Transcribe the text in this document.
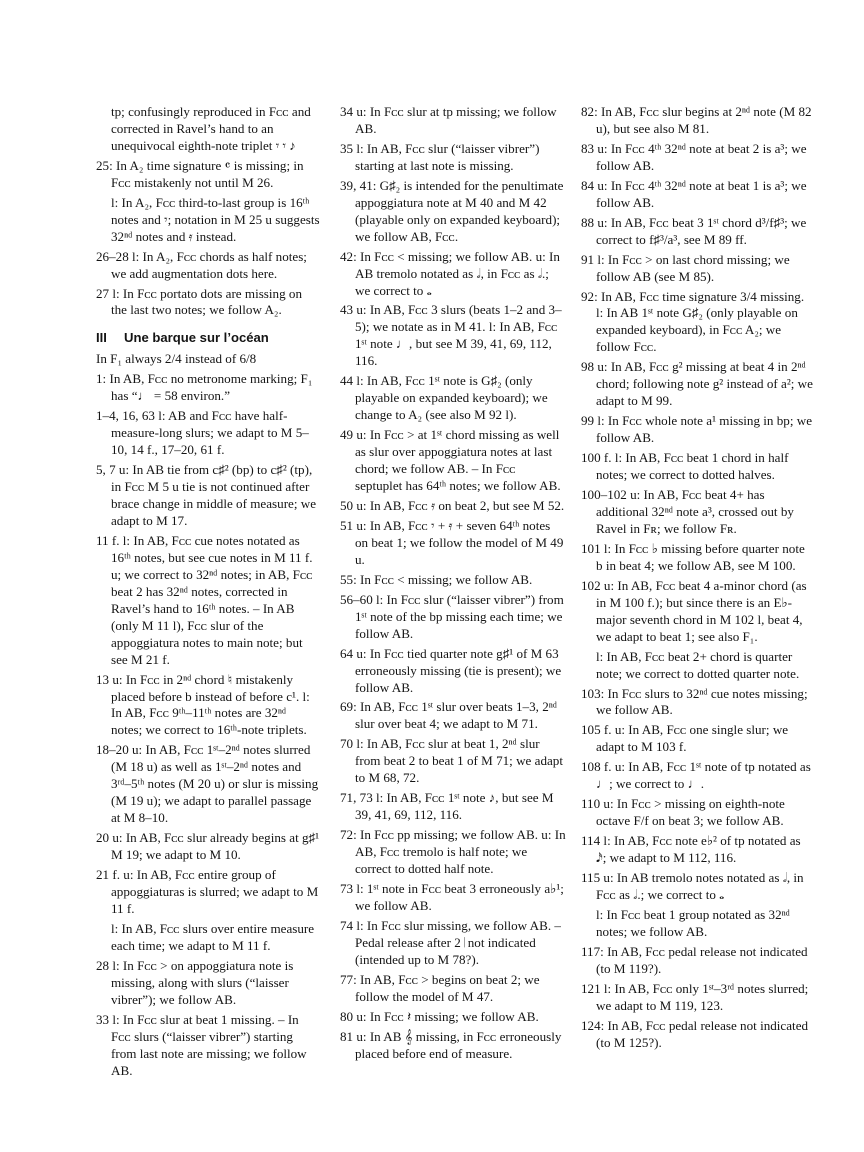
tp; confusingly reproduced in Fᴄᴄ and corrected in Ravel’s hand to an unequivocal eighth-note triplet 𝄾 𝄾 ♪
25: In A₂ time signature 𝄴 is missing; in Fᴄᴄ mistakenly not until M 26.
l: In A₂, Fᴄᴄ third-to-last group is 16ᵗʰ notes and 𝄾; notation in M 25 u suggests 32ⁿᵈ notes and 𝄿 instead.
26–28 l: In A₂, Fᴄᴄ chords as half notes; we add augmentation dots here.
27 l: In Fᴄᴄ portato dots are missing on the last two notes; we follow A₂.
III Une barque sur l’océan
In F₁ always 2/4 instead of 6/8
1: In AB, Fᴄᴄ no metronome marking; F₁ has “♩ = 58 environ.”
1–4, 16, 63 l: AB and Fᴄᴄ have half-measure-long slurs; we adapt to M 5–10, 14 f., 17–20, 61 f.
5, 7 u: In AB tie from c♯² (bp) to c♯² (tp), in Fᴄᴄ M 5 u tie is not continued after brace change in middle of measure; we adapt to M 17.
11 f. l: In AB, Fᴄᴄ cue notes notated as 16ᵗʰ notes, but see cue notes in M 11 f. u; we correct to 32ⁿᵈ notes; in AB, Fᴄᴄ beat 2 has 32ⁿᵈ notes, corrected in Ravel’s hand to 16ᵗʰ notes. – In AB (only M 11 l), Fᴄᴄ slur of the appoggiatura notes to main note; but see M 21 f.
13 u: In Fᴄᴄ in 2ⁿᵈ chord ♮ mistakenly placed before b instead of before c¹. l: In AB, Fᴄᴄ 9ᵗʰ–11ᵗʰ notes are 32ⁿᵈ notes; we correct to 16ᵗʰ-note triplets.
18–20 u: In AB, Fᴄᴄ 1ˢᵗ–2ⁿᵈ notes slurred (M 18 u) as well as 1ˢᵗ–2ⁿᵈ notes and 3ʳᵈ–5ᵗʰ notes (M 20 u) or slur is missing (M 19 u); we adapt to parallel passage at M 8–10.
20 u: In AB, Fᴄᴄ slur already begins at g♯¹ M 19; we adapt to M 10.
21 f. u: In AB, Fᴄᴄ entire group of appoggiaturas is slurred; we adapt to M 11 f.
l: In AB, Fᴄᴄ slurs over entire measure each time; we adapt to M 11 f.
28 l: In Fᴄᴄ > on appoggiatura note is missing, along with slurs (“laisser vibrer”); we follow AB.
33 l: In Fᴄᴄ slur at beat 1 missing. – In Fᴄᴄ slurs (“laisser vibrer”) starting from last note are missing; we follow AB.
34 u: In Fᴄᴄ slur at tp missing; we follow AB.
35 l: In AB, Fᴄᴄ slur (“laisser vibrer”) starting at last note is missing.
39, 41: G♯₂ is intended for the penultimate appoggiatura note at M 40 and M 42 (playable only on expanded keyboard); we follow AB, Fᴄᴄ.
42: In Fᴄᴄ < missing; we follow AB. u: In AB tremolo notated as 𝅗𝅥, in Fᴄᴄ as 𝅗𝅥.; we correct to 𝅝
43 u: In AB, Fᴄᴄ 3 slurs (beats 1–2 and 3–5); we notate as in M 41. l: In AB, Fᴄᴄ 1ˢᵗ note ♩, but see M 39, 41, 69, 112, 116.
44 l: In AB, Fᴄᴄ 1ˢᵗ note is G♯₂ (only playable on expanded keyboard); we change to A₂ (see also M 92 l).
49 u: In Fᴄᴄ > at 1ˢᵗ chord missing as well as slur over appoggiatura notes at last chord; we follow AB. – In Fᴄᴄ septuplet has 64ᵗʰ notes; we follow AB.
50 u: In AB, Fᴄᴄ 𝄿 on beat 2, but see M 52.
51 u: In AB, Fᴄᴄ 𝄾 + 𝄿 + seven 64ᵗʰ notes on beat 1; we follow the model of M 49 u.
55: In Fᴄᴄ < missing; we follow AB.
56–60 l: In Fᴄᴄ slur (“laisser vibrer”) from 1ˢᵗ note of the bp missing each time; we follow AB.
64 u: In Fᴄᴄ tied quarter note g♯¹ of M 63 erroneously missing (tie is present); we follow AB.
69: In AB, Fᴄᴄ 1ˢᵗ slur over beats 1–3, 2ⁿᵈ slur over beat 4; we adapt to M 71.
70 l: In AB, Fᴄᴄ slur at beat 1, 2ⁿᵈ slur from beat 2 to beat 1 of M 71; we adapt to M 68, 72.
71, 73 l: In AB, Fᴄᴄ 1ˢᵗ note ♪, but see M 39, 41, 69, 112, 116.
72: In Fᴄᴄ pp missing; we follow AB. u: In AB, Fᴄᴄ tremolo is half note; we correct to dotted half note.
73 l: 1ˢᵗ note in Fᴄᴄ beat 3 erroneously a♭¹; we follow AB.
74 l: In Fᴄᴄ slur missing, we follow AB. – Pedal release after 2 𝄀 not indicated (intended up to M 78?).
77: In AB, Fᴄᴄ > begins on beat 2; we follow the model of M 47.
80 u: In Fᴄᴄ 𝄽 missing; we follow AB.
81 u: In AB 𝄞 missing, in Fᴄᴄ erroneously placed before end of measure.
82: In AB, Fᴄᴄ slur begins at 2ⁿᵈ note (M 82 u), but see also M 81.
83 u: In Fᴄᴄ 4ᵗʰ 32ⁿᵈ note at beat 2 is a³; we follow AB.
84 u: In Fᴄᴄ 4ᵗʰ 32ⁿᵈ note at beat 1 is a³; we follow AB.
88 u: In AB, Fᴄᴄ beat 3 1ˢᵗ chord d³/f♯³; we correct to f♯³/a³, see M 89 ff.
91 l: In Fᴄᴄ > on last chord missing; we follow AB (see M 85).
92: In AB, Fᴄᴄ time signature 3/4 missing. l: In AB 1ˢᵗ note G♯₂ (only playable on expanded keyboard), in Fᴄᴄ A₂; we follow Fᴄᴄ.
98 u: In AB, Fᴄᴄ g² missing at beat 4 in 2ⁿᵈ chord; following note g² instead of a²; we adapt to M 99.
99 l: In Fᴄᴄ whole note a¹ missing in bp; we follow AB.
100 f. l: In AB, Fᴄᴄ beat 1 chord in half notes; we correct to dotted halves.
100–102 u: In AB, Fᴄᴄ beat 4+ has additional 32ⁿᵈ note a³, crossed out by Ravel in Fʀ; we follow Fʀ.
101 l: In Fᴄᴄ ♭ missing before quarter note b in beat 4; we follow AB, see M 100.
102 u: In AB, Fᴄᴄ beat 4 a-minor chord (as in M 100 f.); but since there is an E♭-major seventh chord in M 102 l, beat 4, we adapt to beat 1; see also F₁.
l: In AB, Fᴄᴄ beat 2+ chord is quarter note; we correct to dotted quarter note.
103: In Fᴄᴄ slurs to 32ⁿᵈ cue notes missing; we follow AB.
105 f. u: In AB, Fᴄᴄ one single slur; we adapt to M 103 f.
108 f. u: In AB, Fᴄᴄ 1ˢᵗ note of tp notated as ♩; we correct to ♩.
110 u: In Fᴄᴄ > missing on eighth-note octave F/f on beat 3; we follow AB.
114 l: In AB, Fᴄᴄ note e♭² of tp notated as 𝅘𝅥𝅯; we adapt to M 112, 116.
115 u: In AB tremolo notes notated as 𝅗𝅥, in Fᴄᴄ as 𝅗𝅥.; we correct to 𝅝
l: In Fᴄᴄ beat 1 group notated as 32ⁿᵈ notes; we follow AB.
117: In AB, Fᴄᴄ pedal release not indicated (to M 119?).
121 l: In AB, Fᴄᴄ only 1ˢᵗ–3ʳᵈ notes slurred; we adapt to M 119, 123.
124: In AB, Fᴄᴄ pedal release not indicated (to M 125?).
